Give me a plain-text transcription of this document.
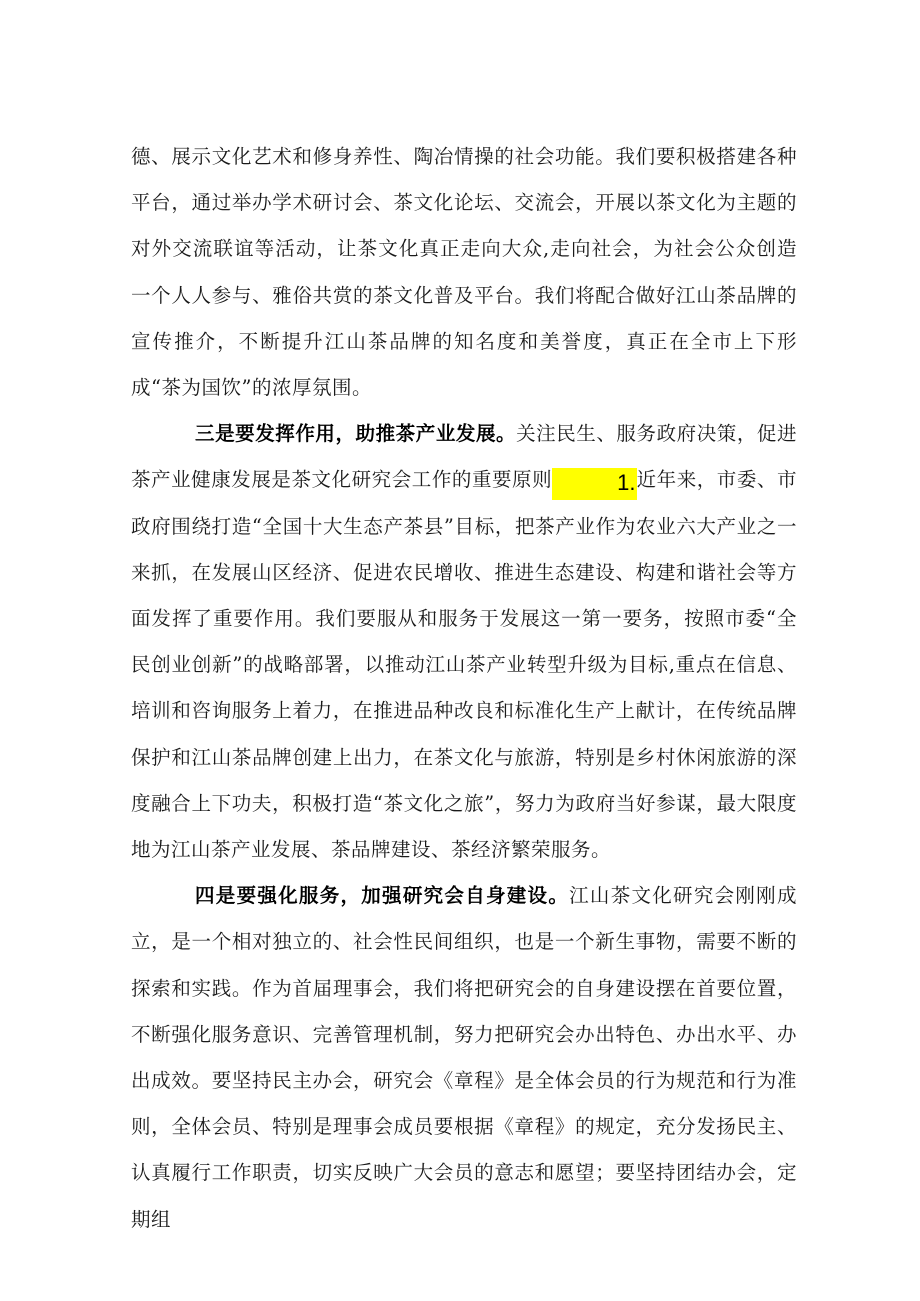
德、展示文化艺术和修身养性、陶冶情操的社会功能。我们要积极搭建各种平台，通过举办学术研讨会、茶文化论坛、交流会，开展以茶文化为主题的对外交流联谊等活动，让茶文化真正走向大众,走向社会，为社会公众创造一个人人参与、雅俗共赏的茶文化普及平台。我们将配合做好江山茶品牌的宣传推介，不断提升江山茶品牌的知名度和美誉度，真正在全市上下形成“茶为国饮”的浓厚氛围。

三是要发挥作用，助推茶产业发展。关注民生、服务政府决策，促进茶产业健康发展是茶文化研究会工作的重要原则	1.近年来，市委、市政府围绕打造“全国十大生态产茶县”目标，把茶产业作为农业六大产业之一来抓，在发展山区经济、促进农民增收、推进生态建设、构建和谐社会等方面发挥了重要作用。我们要服从和服务于发展这一第一要务，按照市委“全民创业创新”的战略部署，以推动江山茶产业转型升级为目标,重点在信息、培训和咨询服务上着力，在推进品种改良和标准化生产上献计，在传统品牌保护和江山茶品牌创建上出力，在茶文化与旅游，特别是乡村休闲旅游的深度融合上下功夫，积极打造“茶文化之旅”，努力为政府当好参谋，最大限度地为江山茶产业发展、茶品牌建设、茶经济繁荣服务。

四是要强化服务，加强研究会自身建设。江山茶文化研究会刚刚成立，是一个相对独立的、社会性民间组织，也是一个新生事物，需要不断的探索和实践。作为首届理事会，我们将把研究会的自身建设摆在首要位置，不断强化服务意识、完善管理机制，努力把研究会办出特色、办出水平、办出成效。要坚持民主办会，研究会《章程》是全体会员的行为规范和行为准则，全体会员、特别是理事会成员要根据《章程》的规定，充分发扬民主、认真履行工作职责，切实反映广大会员的意志和愿望；要坚持团结办会，定期组
